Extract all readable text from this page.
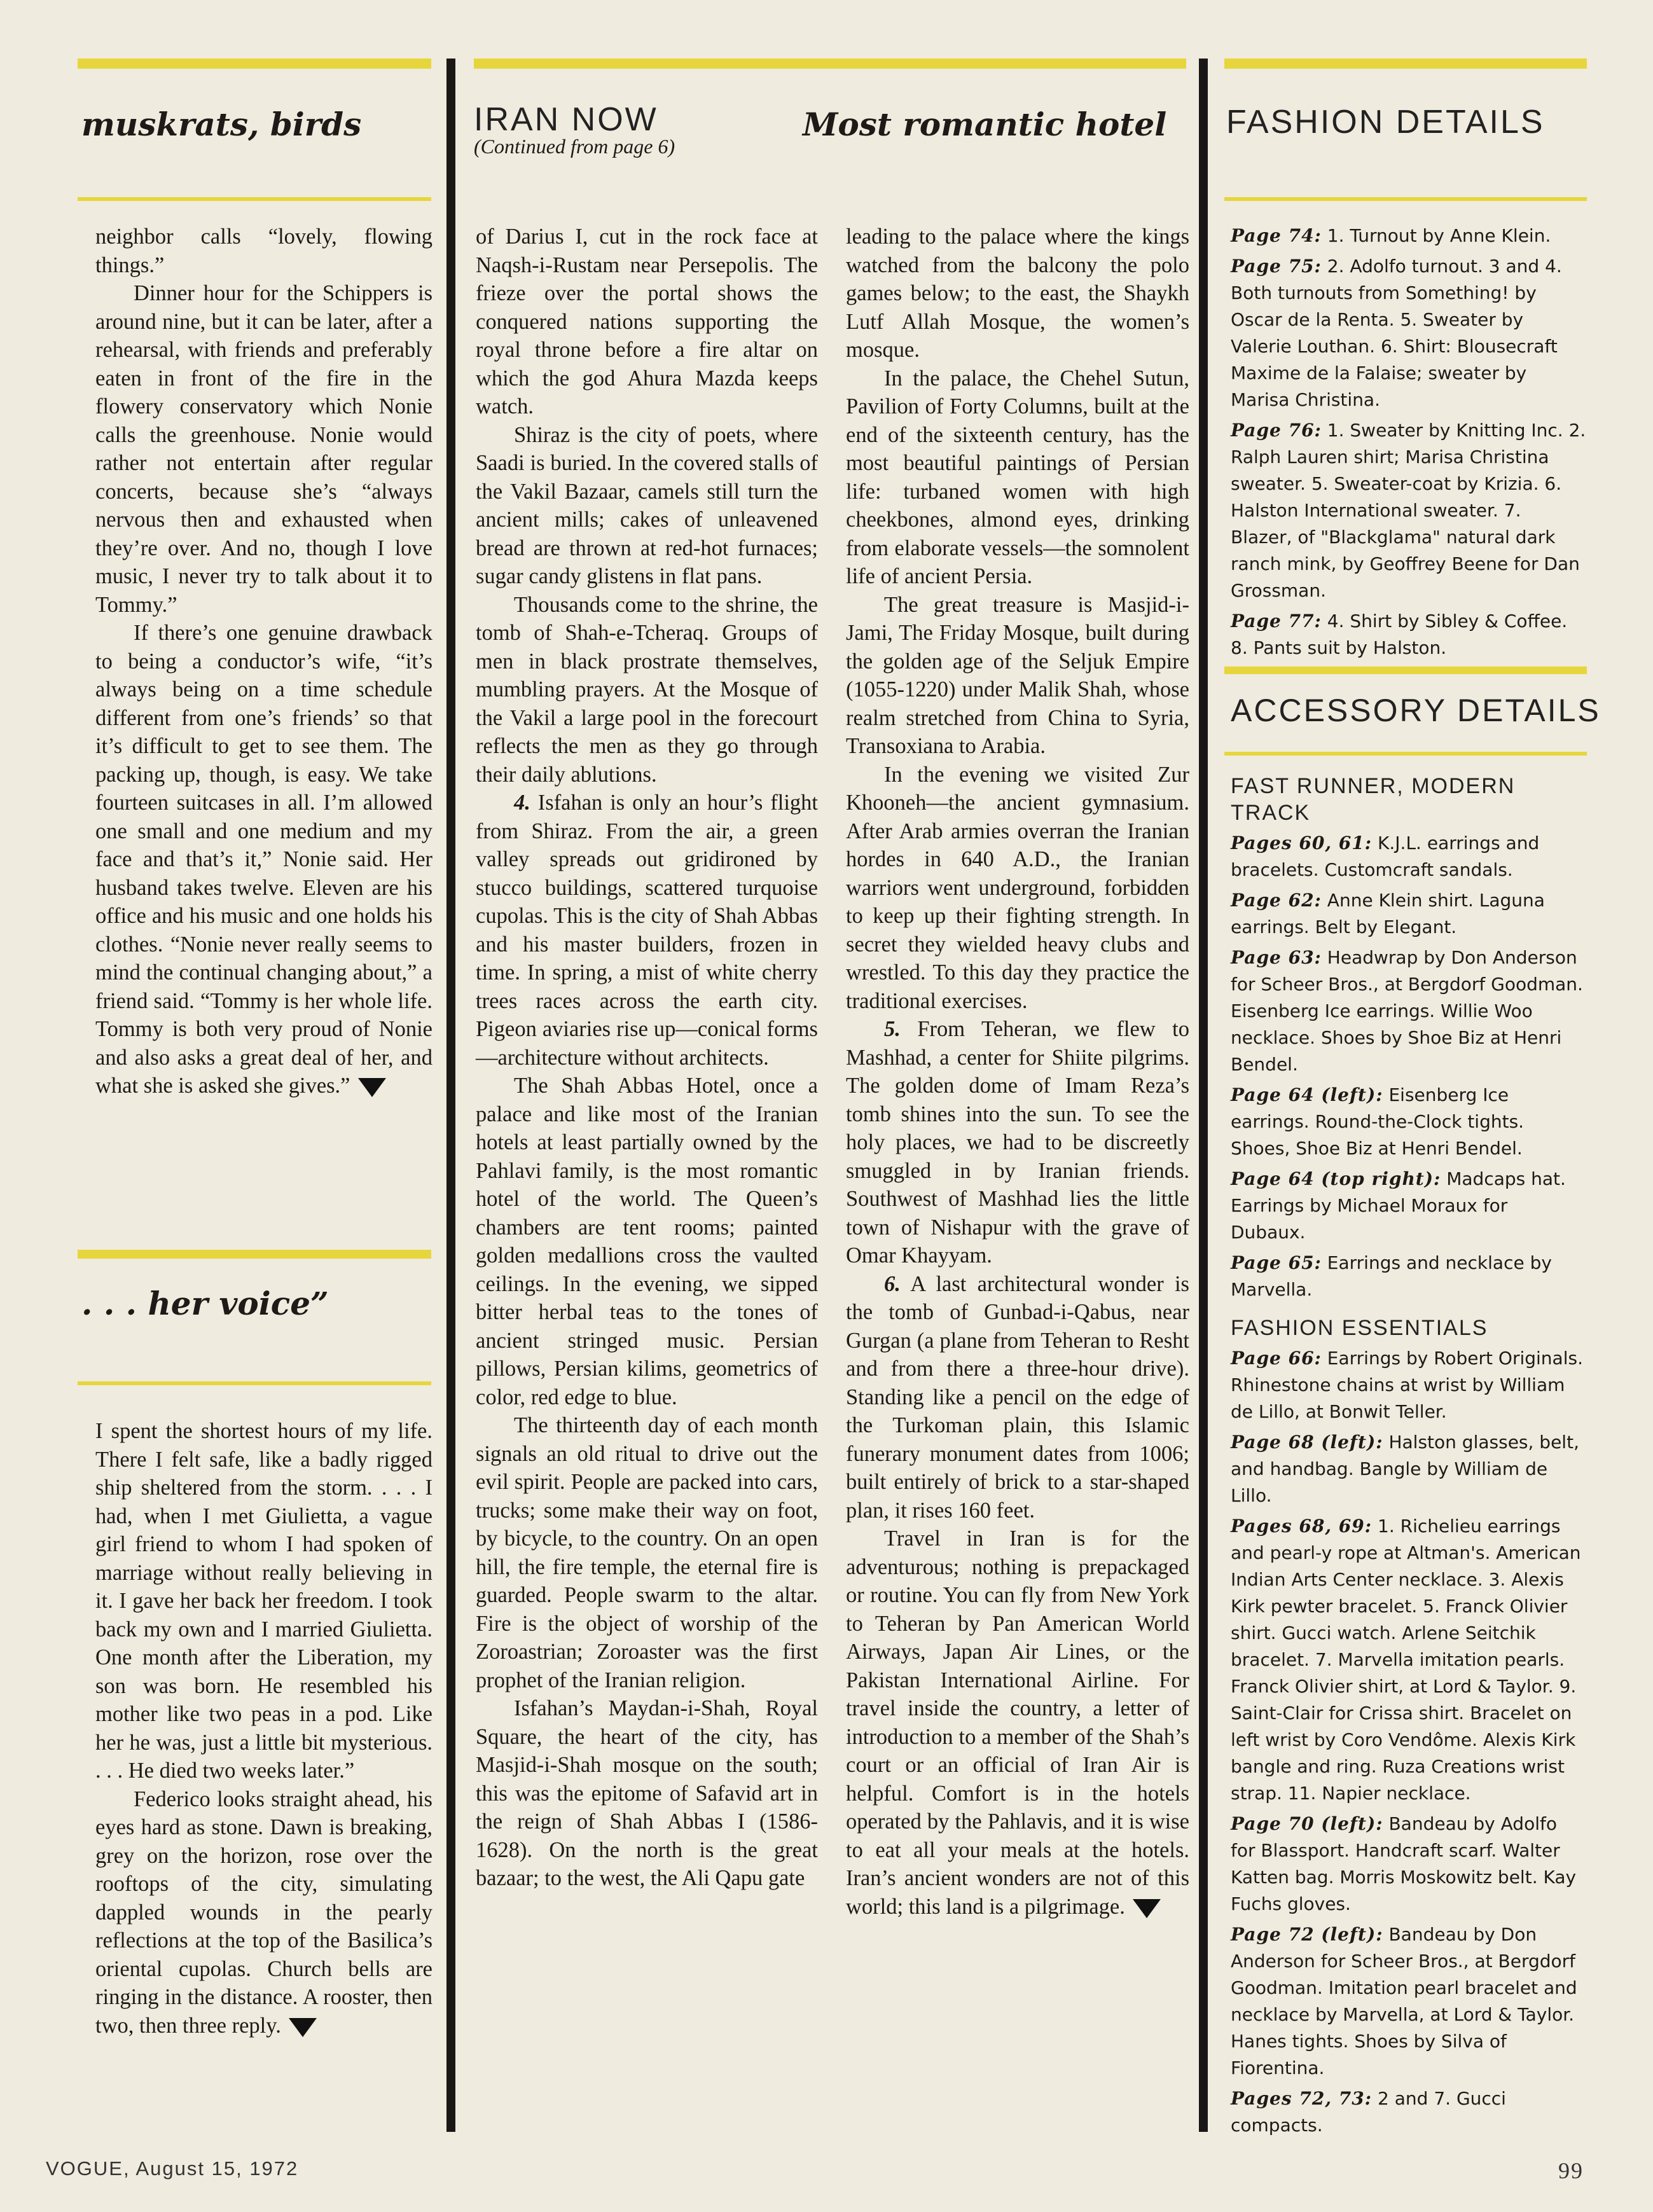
muskrats, birds	IRAN NOW
(Continued from page 6)
Most romantic hotel FASHION DETAILS

neighbor calls “lovely, flowing things.”

Dinner hour for the Schippers is around nine, but it can be later, after a rehearsal, with friends and preferably eaten in front of the fire in the flowery conservatory which Nonie calls the greenhouse. Nonie would rather not entertain after regular concerts, because she’s “always nervous then and exhausted when they’re over. And no, though I love music, I never try to talk about it to Tommy.”

If there’s one genuine drawback to being a conductor’s wife, “it’s always being on a time schedule different from one’s friends’ so that it’s difficult to get to see them. The packing up, though, is easy. We take fourteen suitcases in all. I’m allowed one small and one medium and my face and that’s it,” Nonie said. Her husband takes twelve. Eleven are his office and his music and one holds his clothes. “Nonie never really seems to mind the continual changing about,” a friend said. “Tommy is her whole life. Tommy is both very proud of Nonie and also asks a great deal of her, and what she is asked she gives.”

. . . her voice”

I spent the shortest hours of my life. There I felt safe, like a badly rigged ship sheltered from the storm. . . . I had, when I met Giulietta, a vague girl friend to whom I had spoken of marriage without really believing in it. I gave her back her freedom. I took back my own and I married Giulietta. One month after the Liberation, my son was born. He resembled his mother like two peas in a pod. Like her he was, just a little bit mysterious. . . . He died two weeks later.”

Federico looks straight ahead, his eyes hard as stone. Dawn is breaking, grey on the horizon, rose over the rooftops of the city, simulating dappled wounds in the pearly reflections at the top of the Basilica’s oriental cupolas. Church bells are ringing in the distance. A rooster, then two, then three reply.

of Darius I, cut in the rock face at Naqsh-i-Rustam near Persepolis. The frieze over the portal shows the conquered nations supporting the royal throne before a fire altar on which the god Ahura Mazda keeps watch.

Shiraz is the city of poets, where Saadi is buried. In the covered stalls of the Vakil Bazaar, camels still turn the ancient mills; cakes of unleavened bread are thrown at red-hot furnaces; sugar candy glistens in flat pans.

Thousands come to the shrine, the tomb of Shah-e-Tcheraq. Groups of men in black prostrate themselves, mumbling prayers. At the Mosque of the Vakil a large pool in the forecourt reflects the men as they go through their daily ablutions.

4. Isfahan is only an hour’s flight from Shiraz. From the air, a green valley spreads out gridironed by stucco buildings, scattered turquoise cupolas. This is the city of Shah Abbas and his master builders, frozen in time. In spring, a mist of white cherry trees races across the earth city. Pigeon aviaries rise up—conical forms—architecture without architects.

The Shah Abbas Hotel, once a palace and like most of the Iranian hotels at least partially owned by the Pahlavi family, is the most romantic hotel of the world. The Queen’s chambers are tent rooms; painted golden medallions cross the vaulted ceilings. In the evening, we sipped bitter herbal teas to the tones of ancient stringed music. Persian pillows, Persian kilims, geometrics of color, red edge to blue.

The thirteenth day of each month signals an old ritual to drive out the evil spirit. People are packed into cars, trucks; some make their way on foot, by bicycle, to the country. On an open hill, the fire temple, the eternal fire is guarded. People swarm to the altar. Fire is the object of worship of the Zoroastrian; Zoroaster was the first prophet of the Iranian religion.

Isfahan’s Maydan-i-Shah, Royal Square, the heart of the city, has Masjid-i-Shah mosque on the south; this was the epitome of Safavid art in the reign of Shah Abbas I (1586-1628). On the north is the great bazaar; to the west, the Ali Qapu gate

leading to the palace where the kings watched from the balcony the polo games below; to the east, the Shaykh Lutf Allah Mosque, the women’s mosque.

In the palace, the Chehel Sutun, Pavilion of Forty Columns, built at the end of the sixteenth century, has the most beautiful paintings of Persian life: turbaned women with high cheekbones, almond eyes, drinking from elaborate vessels—the somnolent life of ancient Persia.

The great treasure is Masjid-i-Jami, The Friday Mosque, built during the golden age of the Seljuk Empire (1055-1220) under Malik Shah, whose realm stretched from China to Syria, Transoxiana to Arabia.

In the evening we visited Zur Khooneh—the ancient gymnasium. After Arab armies overran the Iranian hordes in 640 A.D., the Iranian warriors went underground, forbidden to keep up their fighting strength. In secret they wielded heavy clubs and wrestled. To this day they practice the traditional exercises.

5. From Teheran, we flew to Mashhad, a center for Shiite pilgrims. The golden dome of Imam Reza’s tomb shines into the sun. To see the holy places, we had to be discreetly smuggled in by Iranian friends. Southwest of Mashhad lies the little town of Nishapur with the grave of Omar Khayyam.

6. A last architectural wonder is the tomb of Gunbad-i-Qabus, near Gurgan (a plane from Teheran to Resht and from there a three-hour drive). Standing like a pencil on the edge of the Turkoman plain, this Islamic funerary monument dates from 1006; built entirely of brick to a star-shaped plan, it rises 160 feet.

Travel in Iran is for the adventurous; nothing is prepackaged or routine. You can fly from New York to Teheran by Pan American World Airways, Japan Air Lines, or the Pakistan International Airline. For travel inside the country, a letter of introduction to a member of the Shah’s court or an official of Iran Air is helpful. Comfort is in the hotels operated by the Pahlavis, and it is wise to eat all your meals at the hotels. Iran’s ancient wonders are not of this world; this land is a pilgrimage.

Page 74: 1. Turnout by Anne Klein.

Page 75: 2. Adolfo turnout. 3 and 4. Both turnouts from Something! by Oscar de la Renta. 5. Sweater by Valerie Louthan. 6. Shirt: Blousecraft Maxime de la Falaise; sweater by Marisa Christina.

Page 76: 1. Sweater by Knitting Inc. 2. Ralph Lauren shirt; Marisa Christina sweater. 5. Sweater-coat by Krizia. 6. Halston International sweater. 7. Blazer, of "Blackglama" natural dark ranch mink, by Geoffrey Beene for Dan Grossman.

Page 77: 4. Shirt by Sibley & Coffee. 8. Pants suit by Halston.

ACCESSORY DETAILS

FAST RUNNER, MODERN TRACK

Pages 60, 61: K.J.L. earrings and bracelets. Customcraft sandals.

Page 62: Anne Klein shirt. Laguna earrings. Belt by Elegant.

Page 63: Headwrap by Don Anderson for Scheer Bros., at Bergdorf Goodman. Eisenberg Ice earrings. Willie Woo necklace. Shoes by Shoe Biz at Henri Bendel.

Page 64 (left): Eisenberg Ice earrings. Round-the-Clock tights. Shoes, Shoe Biz at Henri Bendel.

Page 64 (top right): Madcaps hat. Earrings by Michael Moraux for Dubaux.

Page 65: Earrings and necklace by Marvella.

FASHION ESSENTIALS

Page 66: Earrings by Robert Originals. Rhinestone chains at wrist by William de Lillo, at Bonwit Teller.

Page 68 (left): Halston glasses, belt, and handbag. Bangle by William de Lillo.

Pages 68, 69: 1. Richelieu earrings and pearl-y rope at Altman's. American Indian Arts Center necklace. 3. Alexis Kirk pewter bracelet. 5. Franck Olivier shirt. Gucci watch. Arlene Seitchik bracelet. 7. Marvella imitation pearls. Franck Olivier shirt, at Lord & Taylor. 9. Saint-Clair for Crissa shirt. Bracelet on left wrist by Coro Vendôme. Alexis Kirk bangle and ring. Ruza Creations wrist strap. 11. Napier necklace.

Page 70 (left): Bandeau by Adolfo for Blassport. Handcraft scarf. Walter Katten bag. Morris Moskowitz belt. Kay Fuchs gloves.

Page 72 (left): Bandeau by Don Anderson for Scheer Bros., at Bergdorf Goodman. Imitation pearl bracelet and necklace by Marvella, at Lord & Taylor. Hanes tights. Shoes by Silva of Fiorentina.

Pages 72, 73: 2 and 7. Gucci compacts.

VOGUE, August 15, 1972	99
